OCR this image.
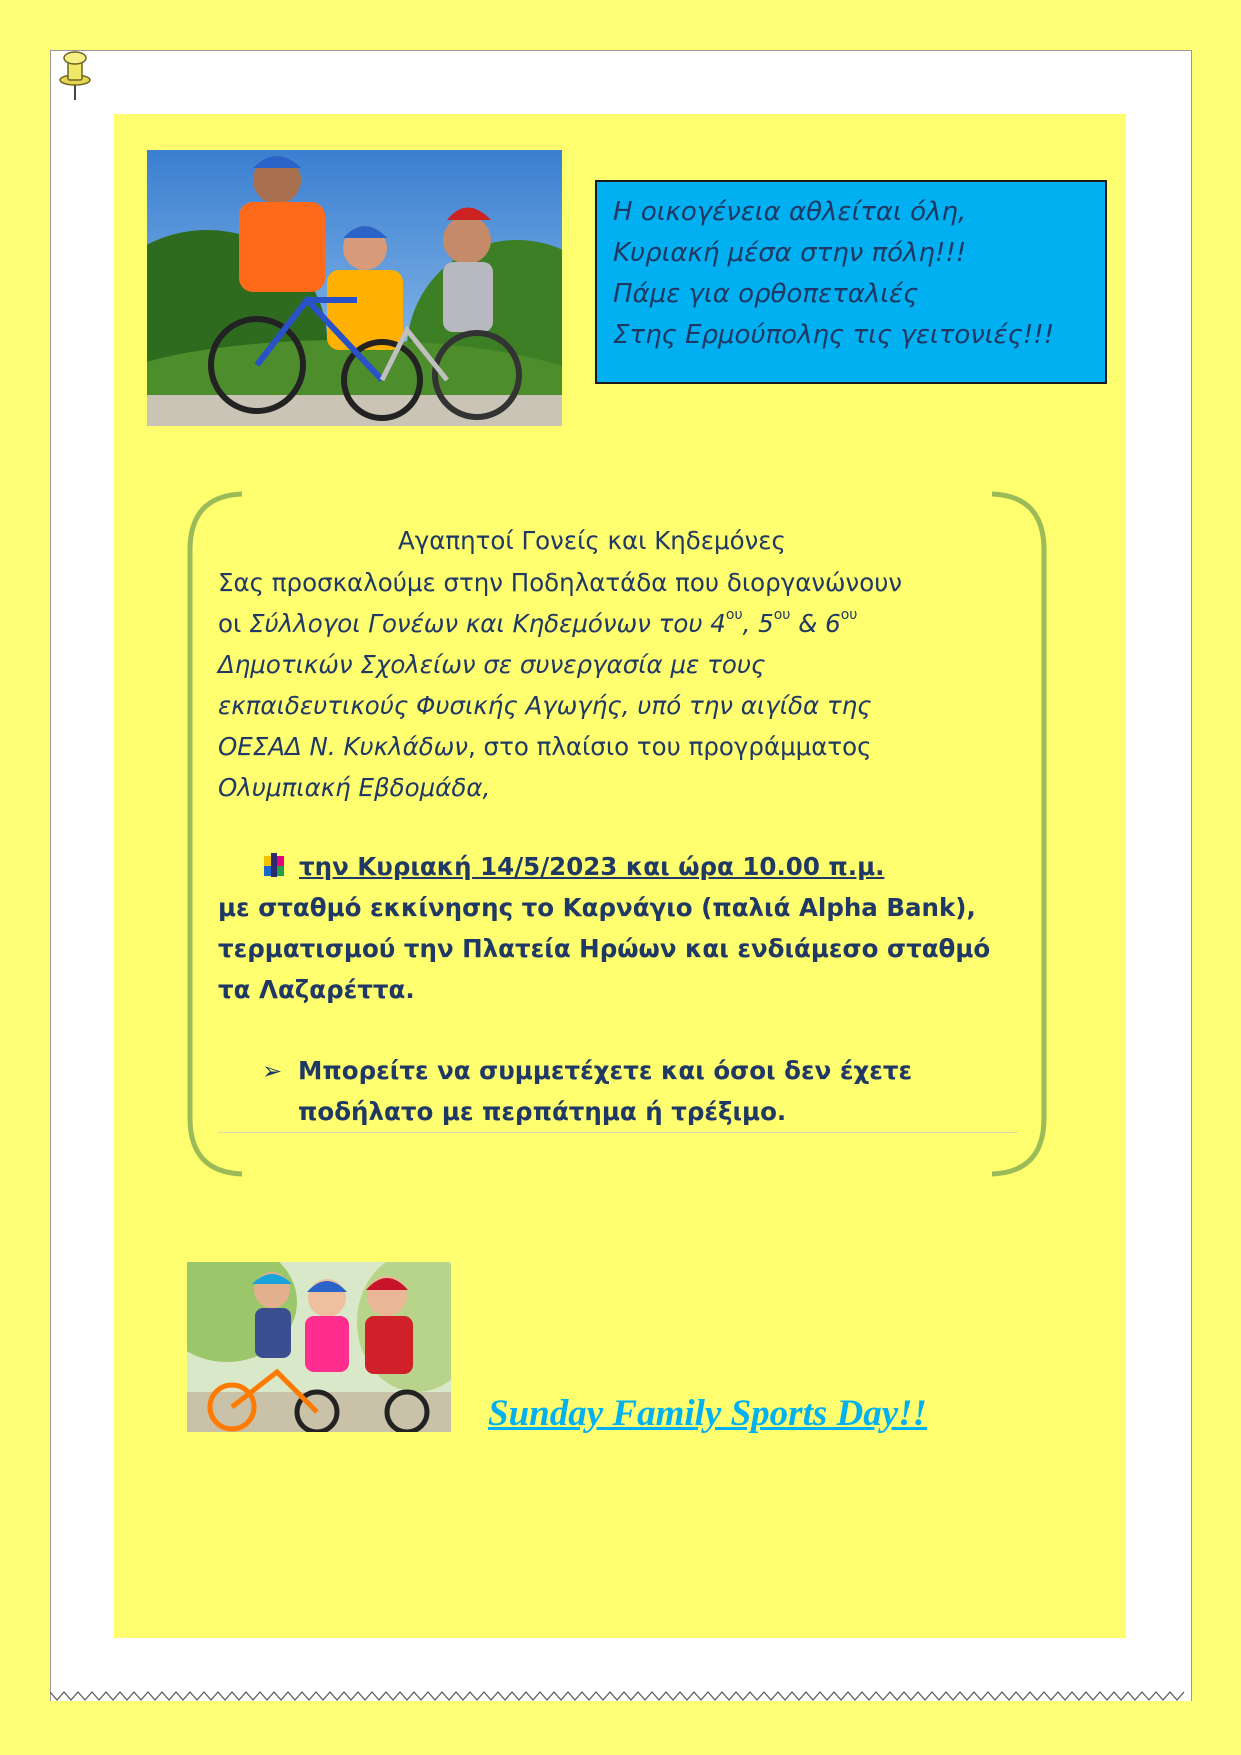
Η οικογένεια αθλείται όλη,
Κυριακή μέσα στην πόλη!!!
Πάμε για ορθοπεταλιές
Στης Ερμούπολης τις γειτονιές!!!
Αγαπητοί Γονείς και Κηδεμόνες
Σας προσκαλούμε στην Ποδηλατάδα που διοργανώνουν
οι Σύλλογοι Γονέων και Κηδεμόνων του $4^{o\upsilon}$, $5^{o\upsilon}$ & $6^{o\upsilon}$
Δημοτικών Σχολείων σε συνεργασία με τους
εκπαιδευτικούς Φυσικής Αγωγής, υπό την αιγίδα της
ΟΕΣΑΔ Ν. Κυκλάδων, στο πλαίσιο του προγράμματος
Ολυμπιακή Εβδομάδα,
την Κυριακή 14/5/2023 και ώρα 10.00 π.μ.
με σταθμό εκκίνησης το Καρνάγιο (παλιά Alpha Bank),
τερματισμού την Πλατεία Ηρώων και ενδιάμεσο σταθμό
τα Λαζαρέττα.
➢ Μπορείτε να συμμετέχετε και όσοι δεν έχετε
ποδήλατο με περπάτημα ή τρέξιμο.
Sunday Family Sports Day!!
